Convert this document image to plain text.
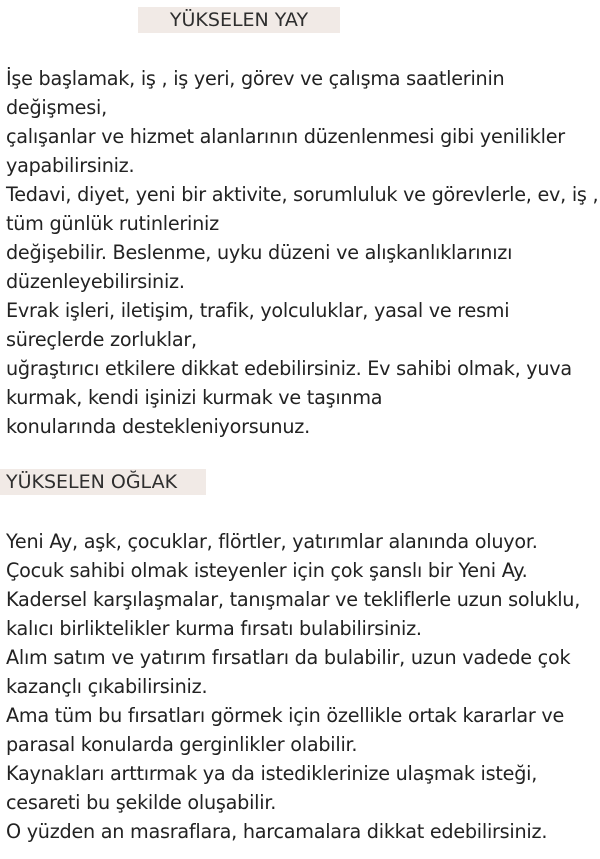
YÜKSELEN YAY
İşe başlamak, iş , iş yeri, görev ve çalışma saatlerinin
değişmesi,
çalışanlar ve hizmet alanlarının düzenlenmesi gibi yenilikler
yapabilirsiniz.
Tedavi, diyet, yeni bir aktivite, sorumluluk ve görevlerle, ev, iş ,
tüm günlük rutinleriniz
değişebilir. Beslenme, uyku düzeni ve alışkanlıklarınızı
düzenleyebilirsiniz.
Evrak işleri, iletişim, trafik, yolculuklar, yasal ve resmi
süreçlerde zorluklar,
uğraştırıcı etkilere dikkat edebilirsiniz. Ev sahibi olmak, yuva
kurmak, kendi işinizi kurmak ve taşınma
konularında destekleniyorsunuz.
YÜKSELEN OĞLAK
Yeni Ay, aşk, çocuklar, flörtler, yatırımlar alanında oluyor.
Çocuk sahibi olmak isteyenler için çok şanslı bir Yeni Ay.
Kadersel karşılaşmalar, tanışmalar ve tekliflerle uzun soluklu,
kalıcı birliktelikler kurma fırsatı bulabilirsiniz.
Alım satım ve yatırım fırsatları da bulabilir, uzun vadede çok
kazançlı çıkabilirsiniz.
Ama tüm bu fırsatları görmek için özellikle ortak kararlar ve
parasal konularda gerginlikler olabilir.
Kaynakları arttırmak ya da istediklerinize ulaşmak isteği,
cesareti bu şekilde oluşabilir.
O yüzden an masraflara, harcamalara dikkat edebilirsiniz.
